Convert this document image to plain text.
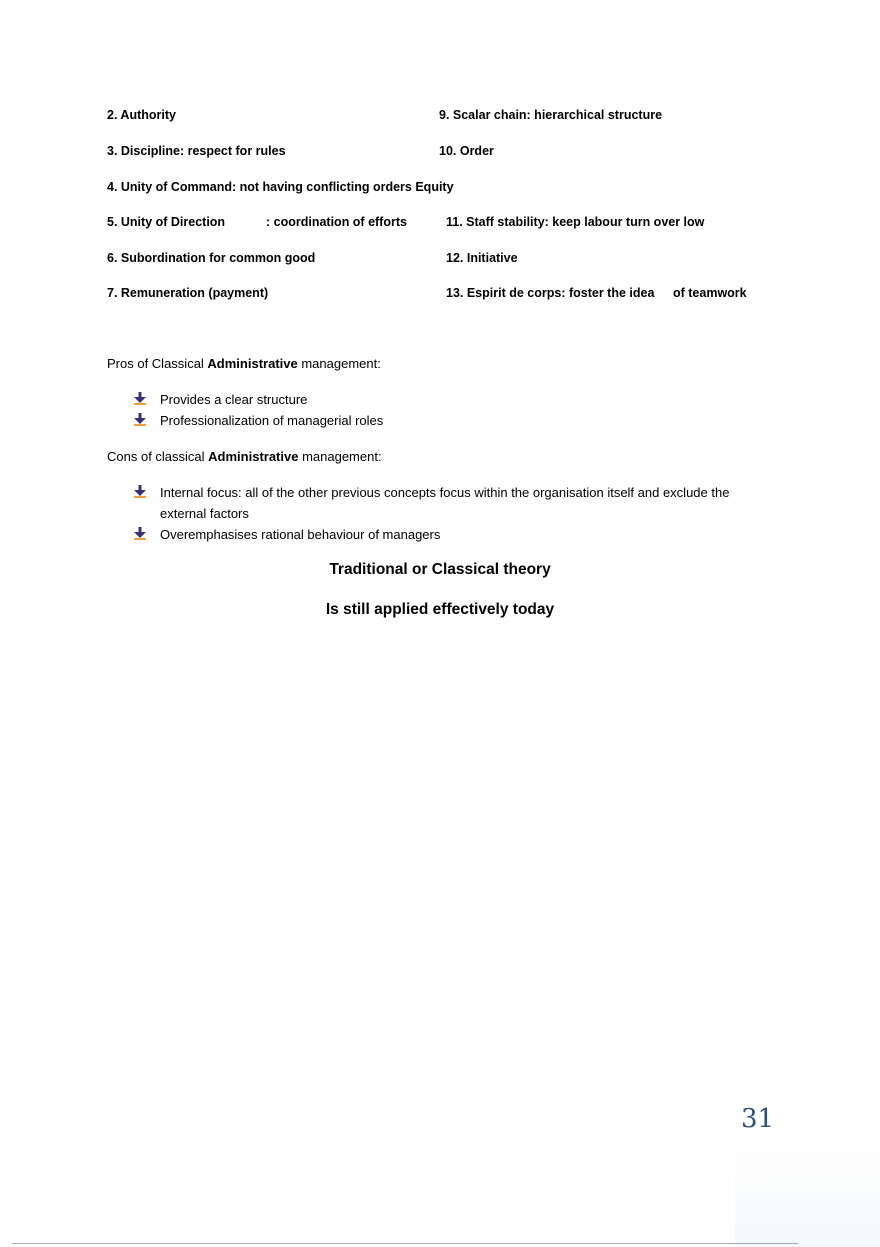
2. Authority	9. Scalar chain: hierarchical structure
3. Discipline: respect for rules	10. Order
4. Unity of Command: not having conflicting orders Equity
5. Unity of Direction	: coordination of efforts	11. Staff stability: keep labour turn over low
6. Subordination for common good	12. Initiative
7. Remuneration (payment)	13. Espirit de corps: foster the idea of teamwork
Pros of Classical Administrative management:
Provides a clear structure
Professionalization of managerial roles
Cons of classical Administrative management:
Internal focus: all of the other previous concepts focus within the organisation itself and exclude the
external factors
Overemphasises rational behaviour of managers
Traditional or Classical theory
Is still applied effectively today
31
